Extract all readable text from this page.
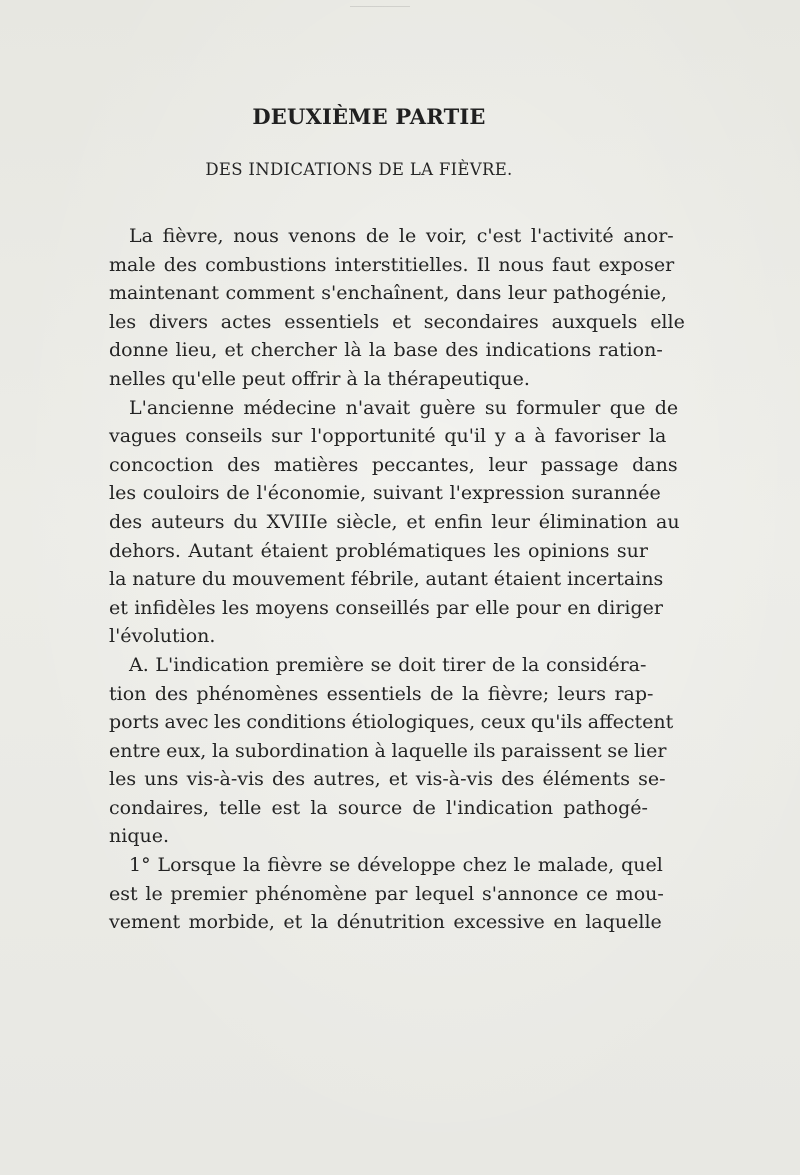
DEUXIÈME PARTIE
DES INDICATIONS DE LA FIÈVRE.
La fièvre, nous venons de le voir, c'est l'activité anor-
male des combustions interstitielles. Il nous faut exposer
maintenant comment s'enchaînent, dans leur pathogénie,
les divers actes essentiels et secondaires auxquels elle
donne lieu, et chercher là la base des indications ration-
nelles qu'elle peut offrir à la thérapeutique.
L'ancienne médecine n'avait guère su formuler que de
vagues conseils sur l'opportunité qu'il y a à favoriser la
concoction des matières peccantes, leur passage dans
les couloirs de l'économie, suivant l'expression surannée
des auteurs du XVIIIe siècle, et enfin leur élimination au
dehors. Autant étaient problématiques les opinions sur
la nature du mouvement fébrile, autant étaient incertains
et infidèles les moyens conseillés par elle pour en diriger
l'évolution.
A. L'indication première se doit tirer de la considéra-
tion des phénomènes essentiels de la fièvre; leurs rap-
ports avec les conditions étiologiques, ceux qu'ils affectent
entre eux, la subordination à laquelle ils paraissent se lier
les uns vis-à-vis des autres, et vis-à-vis des éléments se-
condaires, telle est la source de l'indication pathogé-
nique.
1° Lorsque la fièvre se développe chez le malade, quel
est le premier phénomène par lequel s'annonce ce mou-
vement morbide, et la dénutrition excessive en laquelle
